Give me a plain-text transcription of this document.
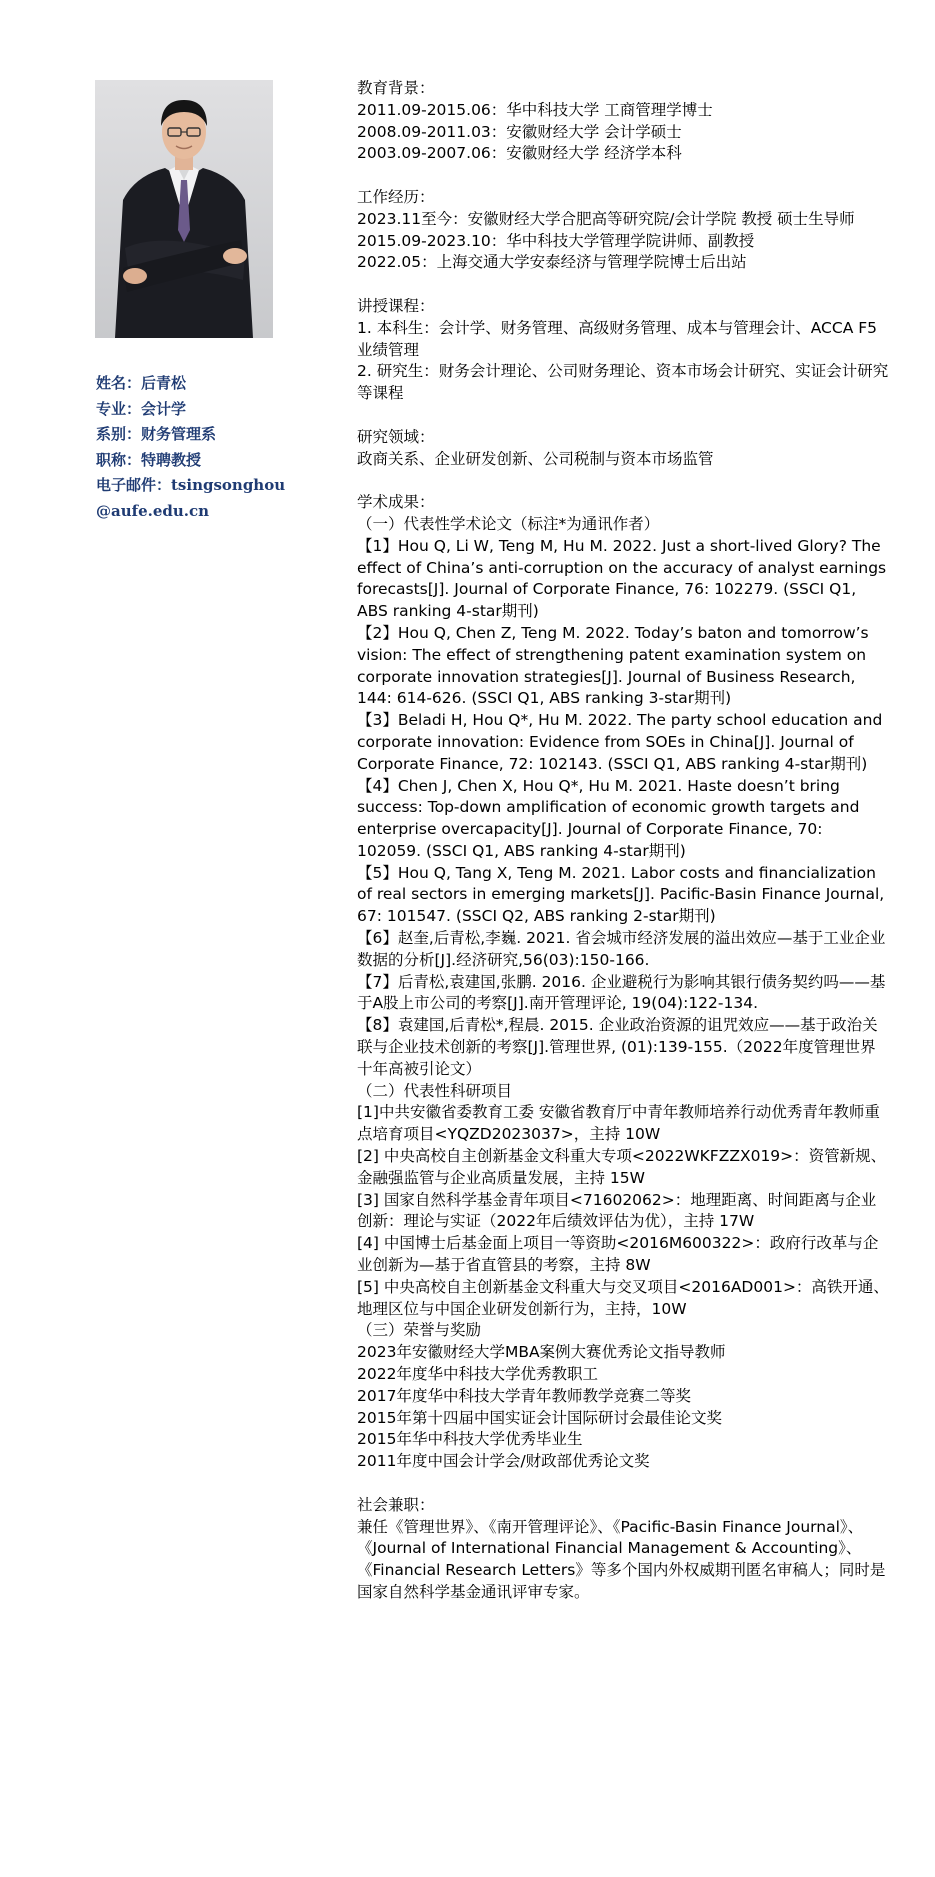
姓名：后青松
专业：会计学
系别：财务管理系
职称：特聘教授
电子邮件：tsingsonghou
@aufe.edu.cn

教育背景：

2011.09-2015.06：华中科技大学 工商管理学博士

2008.09-2011.03：安徽财经大学 会计学硕士

2003.09-2007.06：安徽财经大学 经济学本科

工作经历：

2023.11至今：安徽财经大学合肥高等研究院/会计学院 教授 硕士生导师

2015.09-2023.10：华中科技大学管理学院讲师、副教授

2022.05：上海交通大学安泰经济与管理学院博士后出站

讲授课程：

1. 本科生：会计学、财务管理、高级财务管理、成本与管理会计、ACCA F5业绩管理

2. 研究生：财务会计理论、公司财务理论、资本市场会计研究、实证会计研究等课程

研究领域：

政商关系、企业研发创新、公司税制与资本市场监管

学术成果：

（一）代表性学术论文（标注*为通讯作者）

【1】Hou Q, Li W, Teng M, Hu M. 2022. Just a short-lived Glory? The effect of China’s anti-corruption on the accuracy of analyst earnings forecasts[J]. Journal of Corporate Finance, 76: 102279. (SSCI Q1, ABS ranking 4-star期刊)

【2】Hou Q, Chen Z, Teng M. 2022. Today’s baton and tomorrow’s vision: The effect of strengthening patent examination system on corporate innovation strategies[J]. Journal of Business Research, 144: 614-626. (SSCI Q1, ABS ranking 3-star期刊)

【3】Beladi H, Hou Q*, Hu M. 2022. The party school education and corporate innovation: Evidence from SOEs in China[J]. Journal of Corporate Finance, 72: 102143. (SSCI Q1, ABS ranking 4-star期刊)

【4】Chen J, Chen X, Hou Q*, Hu M. 2021. Haste doesn’t bring success: Top-down amplification of economic growth targets and enterprise overcapacity[J]. Journal of Corporate Finance, 70: 102059. (SSCI Q1, ABS ranking 4-star期刊)

【5】Hou Q, Tang X, Teng M. 2021. Labor costs and financialization of real sectors in emerging markets[J]. Pacific-Basin Finance Journal, 67: 101547. (SSCI Q2, ABS ranking 2-star期刊)

【6】赵奎,后青松,李巍. 2021. 省会城市经济发展的溢出效应—基于工业企业数据的分析[J].经济研究,56(03):150-166.

【7】后青松,袁建国,张鹏. 2016. 企业避税行为影响其银行债务契约吗——基于A股上市公司的考察[J].南开管理评论, 19(04):122-134.

【8】袁建国,后青松*,程晨. 2015. 企业政治资源的诅咒效应——基于政治关联与企业技术创新的考察[J].管理世界, (01):139-155.（2022年度管理世界十年高被引论文）

（二）代表性科研项目

[1]中共安徽省委教育工委 安徽省教育厅中青年教师培养行动优秀青年教师重点培育项目<YQZD2023037>，主持 10W

[2] 中央高校自主创新基金文科重大专项<2022WKFZZX019>：资管新规、金融强监管与企业高质量发展，主持 15W

[3] 国家自然科学基金青年项目<71602062>：地理距离、时间距离与企业创新：理论与实证（2022年后绩效评估为优），主持 17W

[4] 中国博士后基金面上项目一等资助<2016M600322>：政府行改革与企业创新为—基于省直管县的考察，主持 8W

[5] 中央高校自主创新基金文科重大与交叉项目<2016AD001>：高铁开通、地理区位与中国企业研发创新行为，主持，10W

（三）荣誉与奖励

2023年安徽财经大学MBA案例大赛优秀论文指导教师

2022年度华中科技大学优秀教职工

2017年度华中科技大学青年教师教学竞赛二等奖

2015年第十四届中国实证会计国际研讨会最佳论文奖

2015年华中科技大学优秀毕业生

2011年度中国会计学会/财政部优秀论文奖

社会兼职：

兼任《管理世界》、《南开管理评论》、《Pacific-Basin Finance Journal》、《Journal of International Financial Management & Accounting》、《Financial Research Letters》等多个国内外权威期刊匿名审稿人；同时是国家自然科学基金通讯评审专家。
